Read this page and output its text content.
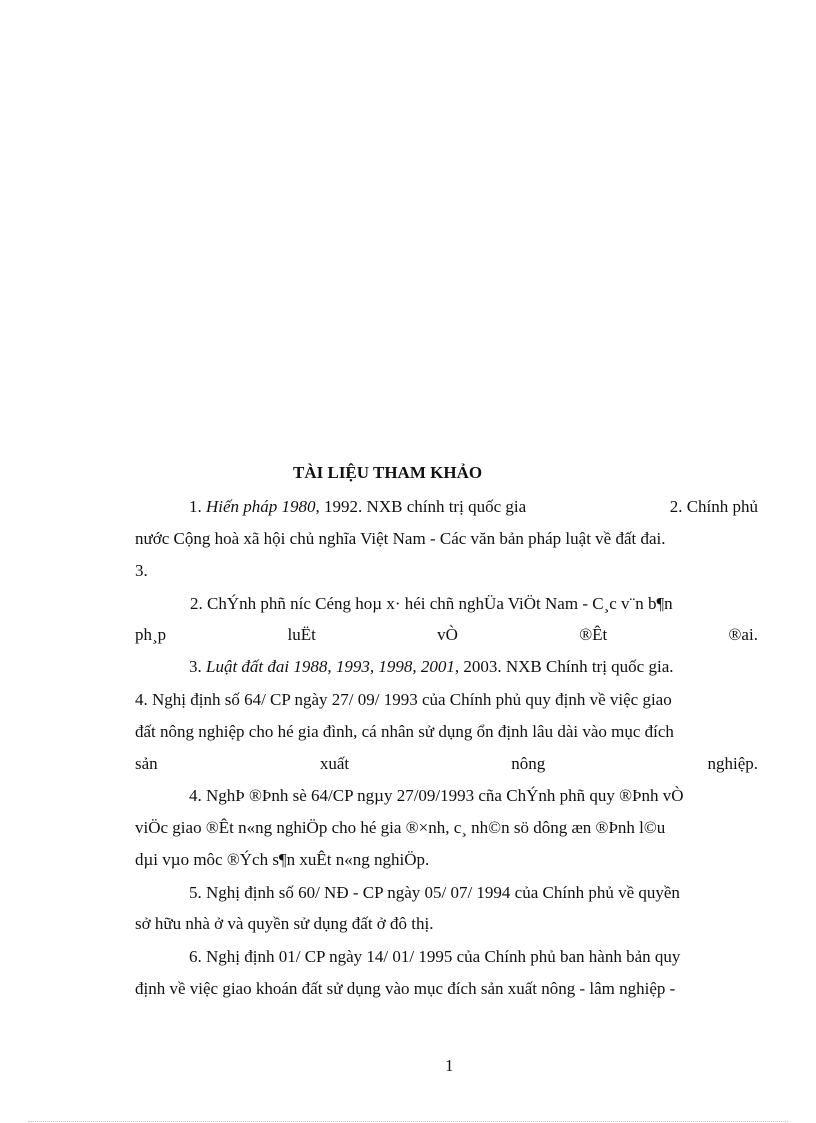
TÀI LIỆU THAM KHẢO
1. Hiến pháp 1980, 1992. NXB chính trị quốc gia	2. Chính phủ
nước Cộng hoà xã hội chủ nghĩa Việt Nam - Các văn bản pháp luật về đất đai.
3.
2. ChÝnh phñ níc Céng hoµ x· héi chñ nghÜa ViÖt Nam - C¸c v¨n b¶n
ph¸p	luËt	vÒ	®Êt	®ai.
3. Luật đất đai 1988, 1993, 1998, 2001, 2003. NXB Chính trị quốc gia.
4. Nghị định số 64/ CP ngày 27/ 09/ 1993 của Chính phủ quy định về việc giao
đất nông nghiệp cho hé gia đình, cá nhân sử dụng ổn định lâu dài vào mục đích
sản	xuất	nông	nghiệp.
4. NghÞ ®Þnh sè 64/CP ngµy 27/09/1993 cña ChÝnh phñ quy ®Þnh vÒ
viÖc giao ®Êt n«ng nghiÖp cho hé gia ®×nh, c¸ nh©n sö dông æn ®Þnh l©u
dµi vµo môc ®Ých s¶n xuÊt n«ng nghiÖp.
5. Nghị định số 60/ NĐ - CP ngày 05/ 07/ 1994 của Chính phủ về quyền
sở hữu nhà ở và quyền sử dụng đất ở đô thị.
6. Nghị định 01/ CP ngày 14/ 01/ 1995 của Chính phủ ban hành bản quy
định về việc giao khoán đất sử dụng vào mục đích sản xuất nông - lâm nghiệp -
1
